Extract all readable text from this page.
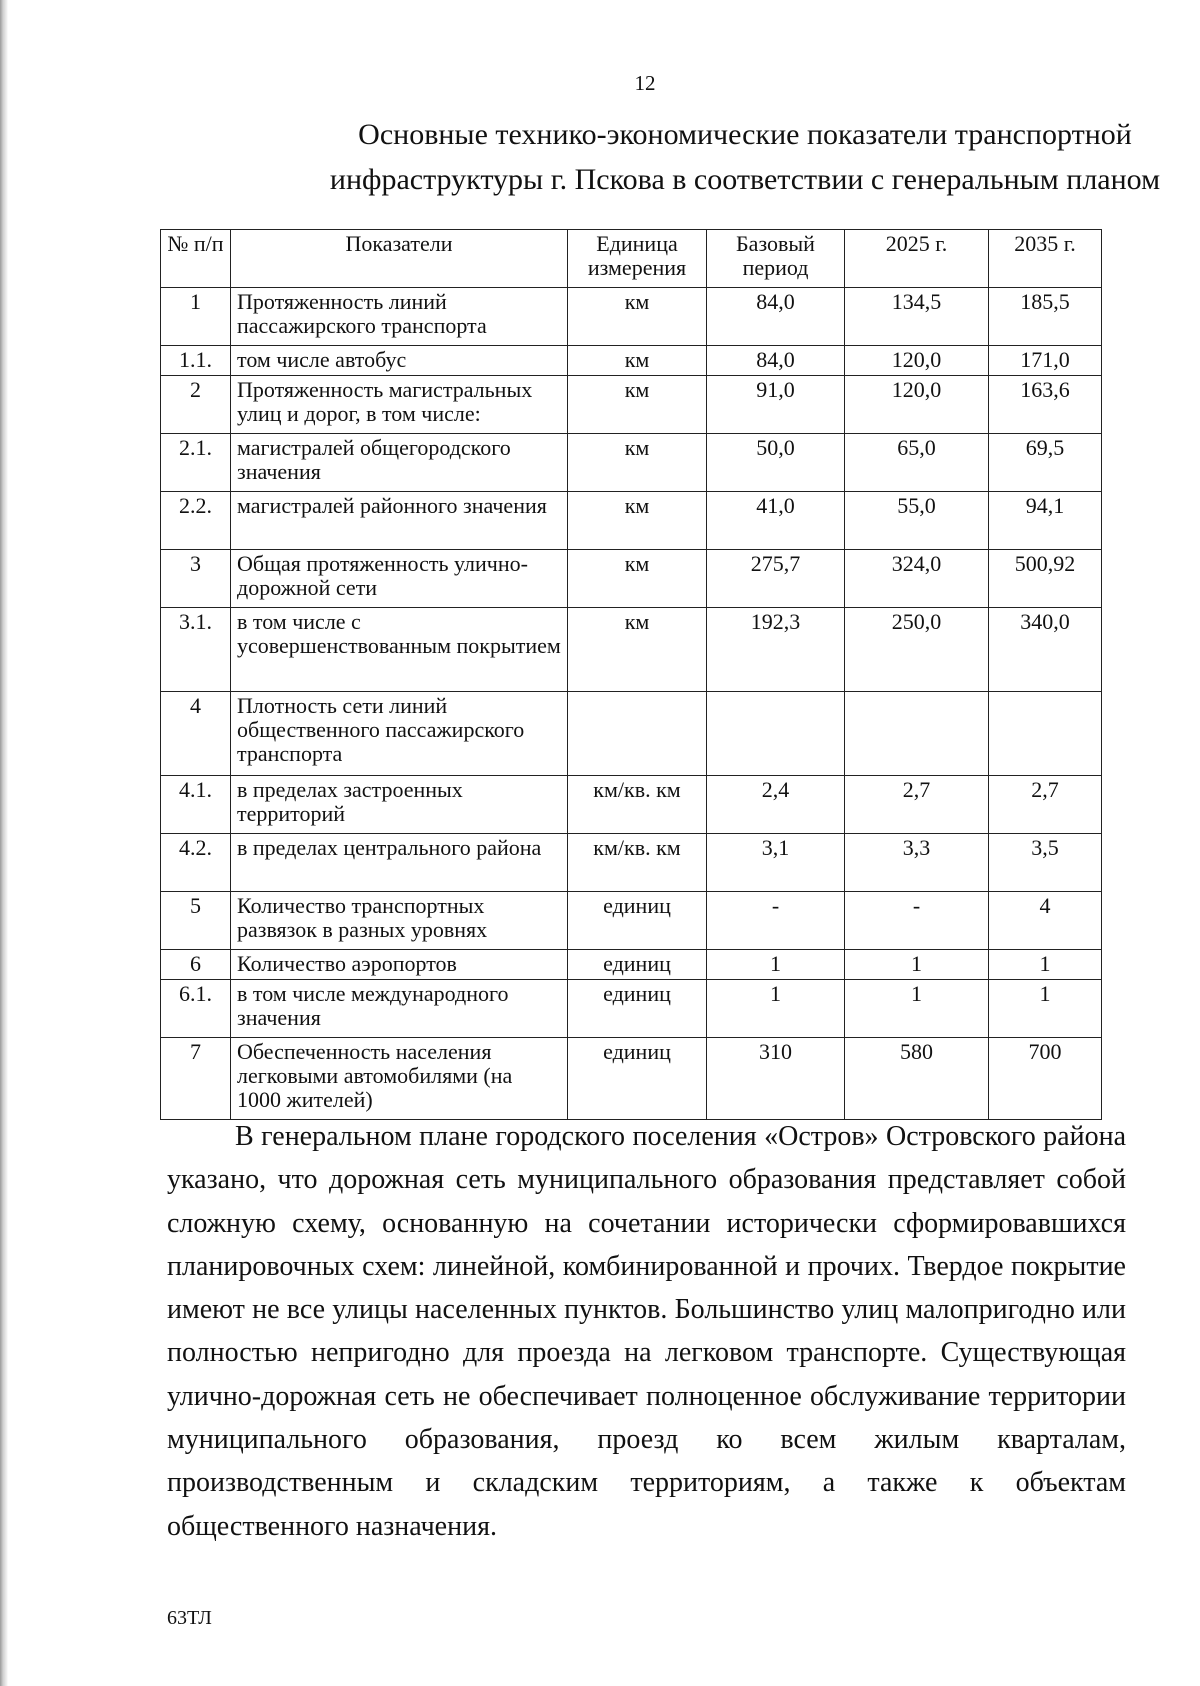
12
Основные технико-экономические показатели транспортной
инфраструктуры г. Пскова в соответствии с генеральным планом
№ п/п	Показатели	Единица измерения	Базовый период	2025 г.	2035 г.
1	Протяженность линий пассажирского транспорта	км	84,0	134,5	185,5
1.1.	том числе автобус	км	84,0	120,0	171,0
2	Протяженность магистральных улиц и дорог, в том числе:	км	91,0	120,0	163,6
2.1.	магистралей общегородского значения	км	50,0	65,0	69,5
2.2.	магистралей районного значения	км	41,0	55,0	94,1
3	Общая протяженность улично-дорожной сети	км	275,7	324,0	500,92
3.1.	в том числе с усовершенствованным покрытием	км	192,3	250,0	340,0
4	Плотность сети линий общественного пассажирского транспорта				
4.1.	в пределах застроенных территорий	км/кв. км	2,4	2,7	2,7
4.2.	в пределах центрального района	км/кв. км	3,1	3,3	3,5
5	Количество транспортных развязок в разных уровнях	единиц	-	-	4
6	Количество аэропортов	единиц	1	1	1
6.1.	в том числе международного значения	единиц	1	1	1
7	Обеспеченность населения легковыми автомобилями (на 1000 жителей)	единиц	310	580	700

В генеральном плане городского поселения «Остров» Островского района указано, что дорожная сеть муниципального образования представляет собой сложную схему, основанную на сочетании исторически сформировавшихся планировочных схем: линейной, комбинированной и прочих. Твердое покрытие имеют не все улицы населенных пунктов. Большинство улиц малопригодно или полностью непригодно для проезда на легковом транспорте. Существующая улично-дорожная сеть не обеспечивает полноценное обслуживание территории муниципального образования, проезд ко всем жилым кварталам, производственным и складским территориям, а также к объектам общественного назначения.

63ТЛ
